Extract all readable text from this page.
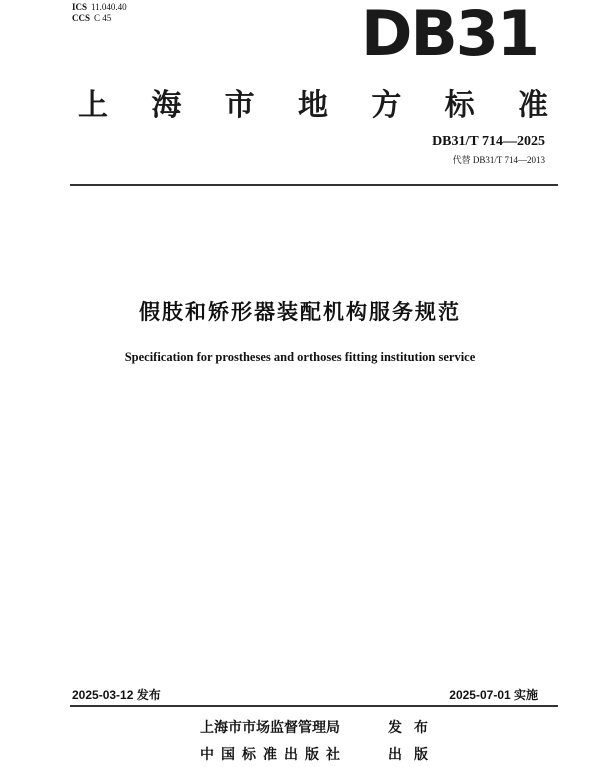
ICS 11.040.40
CCS C 45	DB31
上 海 市 地 方 标 准
DB31/T 714—2025
代替 DB31/T 714—2013
假肢和矫形器装配机构服务规范
Specification for prostheses and orthoses fitting institution service
2025-03-12 发布	2025-07-01 实施
上海市市场监督管理局	发布
中国标准出版社	出版
